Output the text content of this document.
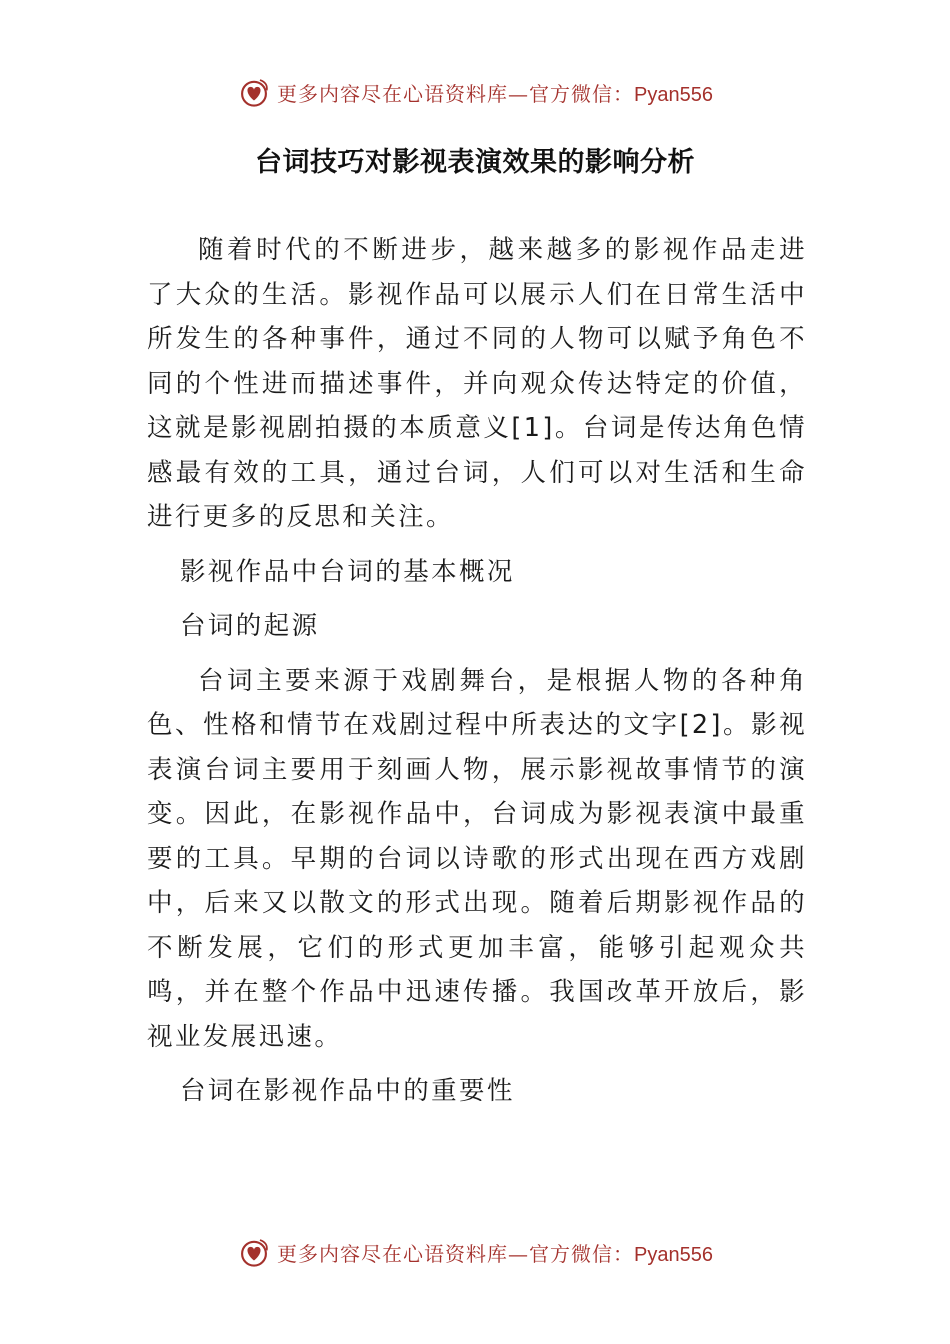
更多内容尽在心语资料库—官方微信：Pyan556
台词技巧对影视表演效果的影响分析

随着时代的不断进步，越来越多的影视作品走进了大众的生活。影视作品可以展示人们在日常生活中所发生的各种事件，通过不同的人物可以赋予角色不同的个性进而描述事件，并向观众传达特定的价值，这就是影视剧拍摄的本质意义[1]。台词是传达角色情感最有效的工具，通过台词，人们可以对生活和生命进行更多的反思和关注。

影视作品中台词的基本概况

台词的起源

台词主要来源于戏剧舞台，是根据人物的各种角色、性格和情节在戏剧过程中所表达的文字[2]。影视表演台词主要用于刻画人物，展示影视故事情节的演变。因此，在影视作品中，台词成为影视表演中最重要的工具。早期的台词以诗歌的形式出现在西方戏剧中，后来又以散文的形式出现。随着后期影视作品的不断发展，它们的形式更加丰富，能够引起观众共鸣，并在整个作品中迅速传播。我国改革开放后，影视业发展迅速。

台词在影视作品中的重要性

更多内容尽在心语资料库—官方微信：Pyan556
